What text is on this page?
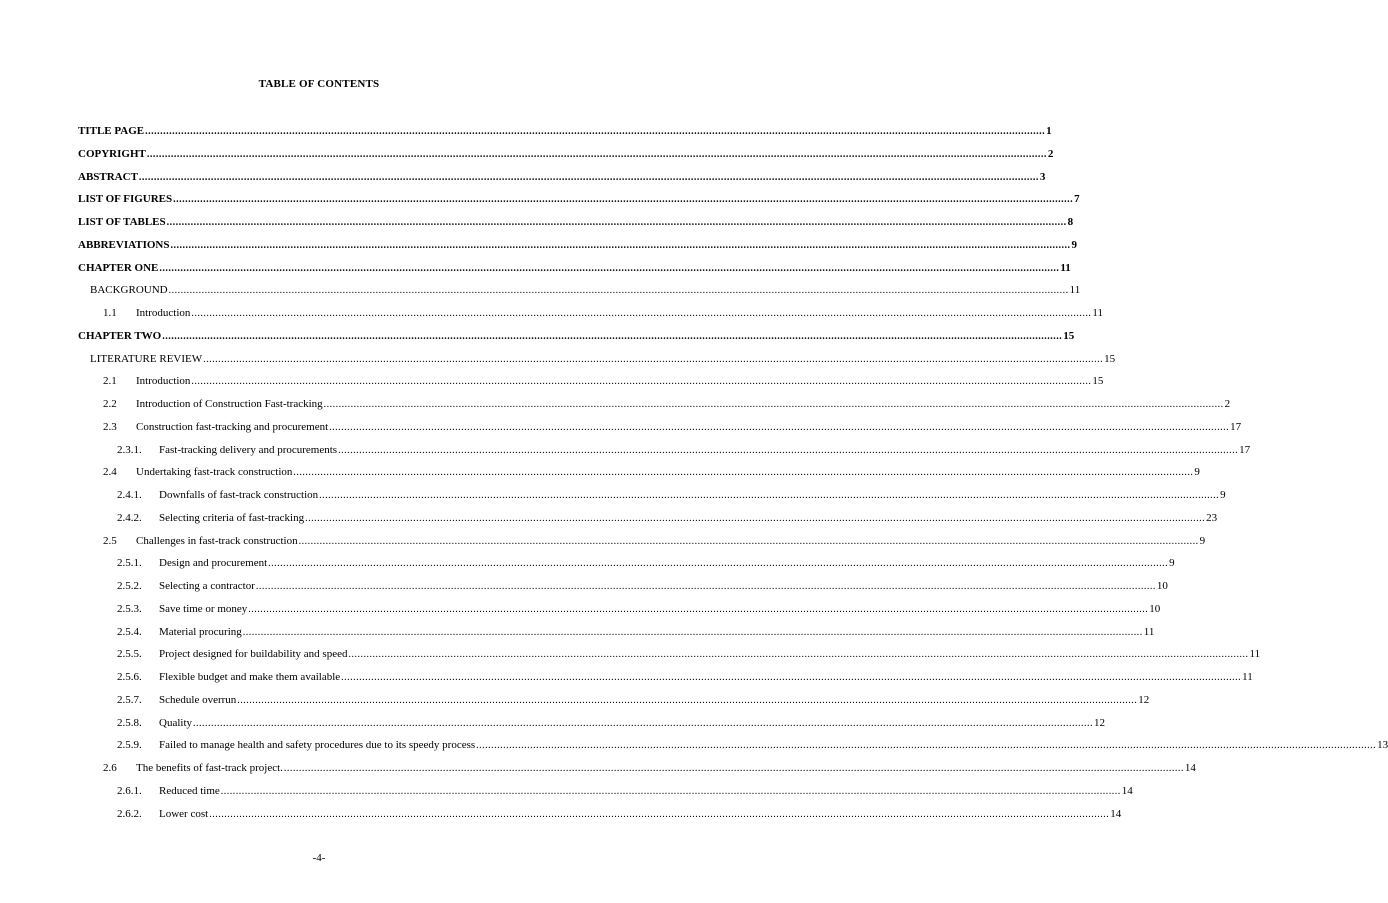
TABLE OF CONTENTS
TITLE PAGE ............................................................................................................................................................................................................................................................................................................ 1
COPYRIGHT ............................................................................................................................................................................................................................................................................................................ 2
ABSTRACT ............................................................................................................................................................................................................................................................................................................ 3
LIST OF FIGURES ............................................................................................................................................................................................................................................................................................................ 7
LIST OF TABLES ............................................................................................................................................................................................................................................................................................................ 8
ABBREVIATIONS ............................................................................................................................................................................................................................................................................................................ 9
CHAPTER ONE ............................................................................................................................................................................................................................................................................................................ 11
BACKGROUND ............................................................................................................................................................................................................................................................................................................ 11
1.1	Introduction ............................................................................................................................................................................................................................................................................................................ 11
CHAPTER TWO ............................................................................................................................................................................................................................................................................................................ 15
LITERATURE REVIEW ............................................................................................................................................................................................................................................................................................................ 15
2.1	Introduction ............................................................................................................................................................................................................................................................................................................ 15
2.2	Introduction of Construction Fast-tracking ............................................................................................................................................................................................................................................................................................................ 2
2.3	Construction fast-tracking and procurement ............................................................................................................................................................................................................................................................................................................ 17
2.3.1.	Fast-tracking delivery and procurements ............................................................................................................................................................................................................................................................................................................ 17
2.4	Undertaking fast-track construction ............................................................................................................................................................................................................................................................................................................ 9
2.4.1.	Downfalls of fast-track construction ............................................................................................................................................................................................................................................................................................................ 9
2.4.2.	Selecting criteria of fast-tracking ............................................................................................................................................................................................................................................................................................................ 23
2.5	Challenges in fast-track construction ............................................................................................................................................................................................................................................................................................................ 9
2.5.1.	Design and procurement ............................................................................................................................................................................................................................................................................................................ 9
2.5.2.	Selecting a contractor ............................................................................................................................................................................................................................................................................................................ 10
2.5.3.	Save time or money ............................................................................................................................................................................................................................................................................................................ 10
2.5.4.	Material procuring ............................................................................................................................................................................................................................................................................................................ 11
2.5.5.	Project designed for buildability and speed ............................................................................................................................................................................................................................................................................................................ 11
2.5.6.	Flexible budget and make them available ............................................................................................................................................................................................................................................................................................................ 11
2.5.7.	Schedule overrun ............................................................................................................................................................................................................................................................................................................ 12
2.5.8.	Quality ............................................................................................................................................................................................................................................................................................................ 12
2.5.9.	Failed to manage health and safety procedures due to its speedy process ............................................................................................................................................................................................................................................................................................................ 13
2.6	The benefits of fast-track project. ............................................................................................................................................................................................................................................................................................................ 14
2.6.1.	Reduced time ............................................................................................................................................................................................................................................................................................................ 14
2.6.2.	Lower cost ............................................................................................................................................................................................................................................................................................................ 14
-4-
